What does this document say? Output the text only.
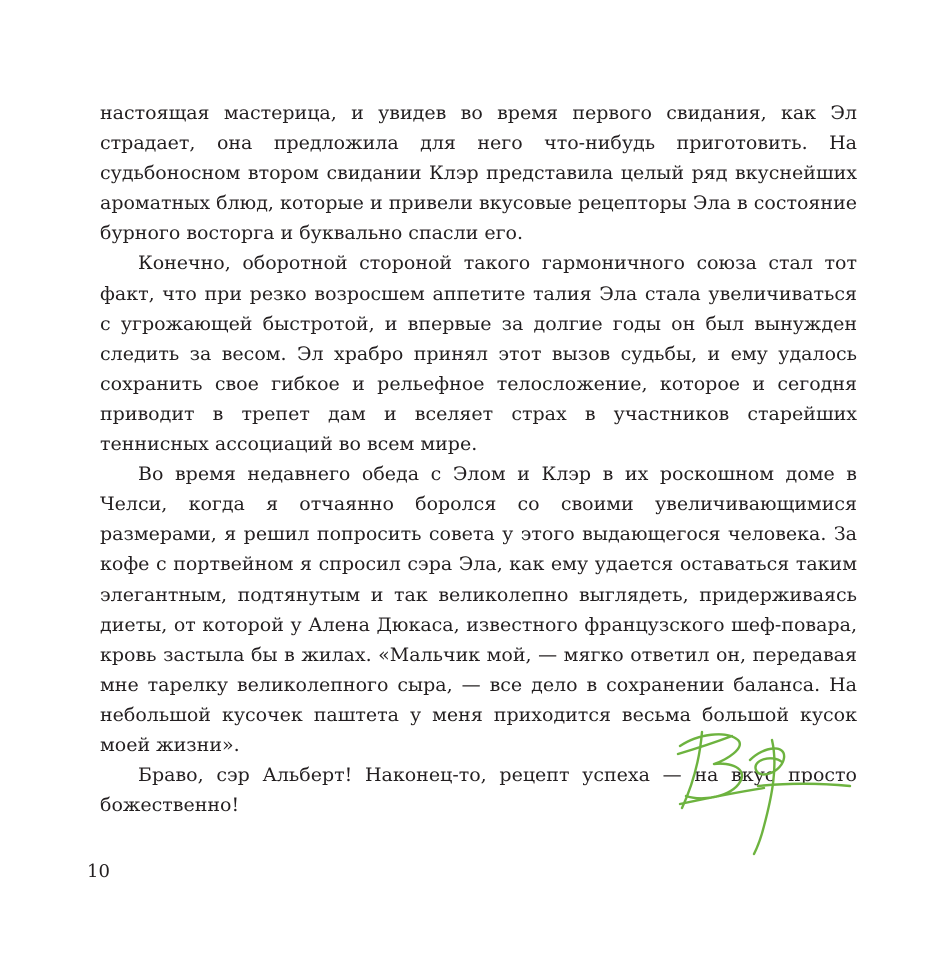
настоящая мастерица, и увидев во время первого свидания, как Эл страдает, она предложила для него что-нибудь приготовить. На судьбоносном втором свидании Клэр представила целый ряд вкуснейших ароматных блюд, которые и привели вкусовые рецепторы Эла в состояние бурного восторга и буквально спасли его.

Конечно, оборотной стороной такого гармоничного союза стал тот факт, что при резко возросшем аппетите талия Эла стала увеличиваться с угрожающей быстротой, и впервые за долгие годы он был вынужден следить за весом. Эл храбро принял этот вызов судьбы, и ему удалось сохранить свое гибкое и рельефное телосложение, которое и сегодня приводит в трепет дам и вселяет страх в участников старейших теннисных ассоциаций во всем мире.

Во время недавнего обеда с Элом и Клэр в их роскошном доме в Челси, когда я отчаянно боролся со своими увеличивающимися размерами, я решил попросить совета у этого выдающегося человека. За кофе с портвейном я спросил сэра Эла, как ему удается оставаться таким элегантным, подтянутым и так великолепно выглядеть, придерживаясь диеты, от которой у Алена Дюкаса, известного французского шеф-повара, кровь застыла бы в жилах. «Мальчик мой, — мягко ответил он, передавая мне тарелку великолепного сыра, — все дело в сохранении баланса. На небольшой кусочек паштета у меня приходится весьма большой кусок моей жизни».

Браво, сэр Альберт! Наконец-то, рецепт успеха — на вкус просто божественно!

10
